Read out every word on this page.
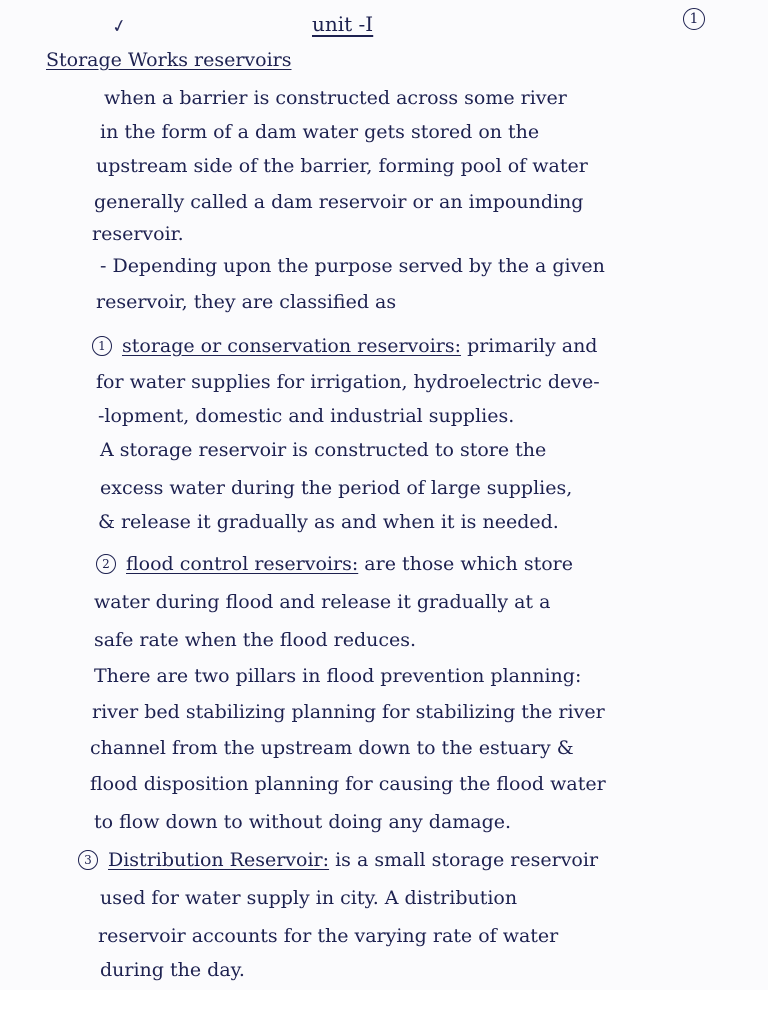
✓	unit -I	1
Storage Works reservoirs
when a barrier is constructed across some river
in the form of a dam water gets stored on the
upstream side of the barrier, forming pool of water
generally called a dam reservoir or an impounding
reservoir.
- Depending upon the purpose served by the a given
reservoir, they are classified as
1 storage or conservation reservoirs: primarily and
for water supplies for irrigation, hydroelectric deve-
-lopment, domestic and industrial supplies.
A storage reservoir is constructed to store the
excess water during the period of large supplies,
& release it gradually as and when it is needed.
2 flood control reservoirs: are those which store
water during flood and release it gradually at a
safe rate when the flood reduces.
There are two pillars in flood prevention planning:
river bed stabilizing planning for stabilizing the river
channel from the upstream down to the estuary &
flood disposition planning for causing the flood water
to flow down to without doing any damage.
3 Distribution Reservoir: is a small storage reservoir
used for water supply in city. A distribution
reservoir accounts for the varying rate of water
during the day.
